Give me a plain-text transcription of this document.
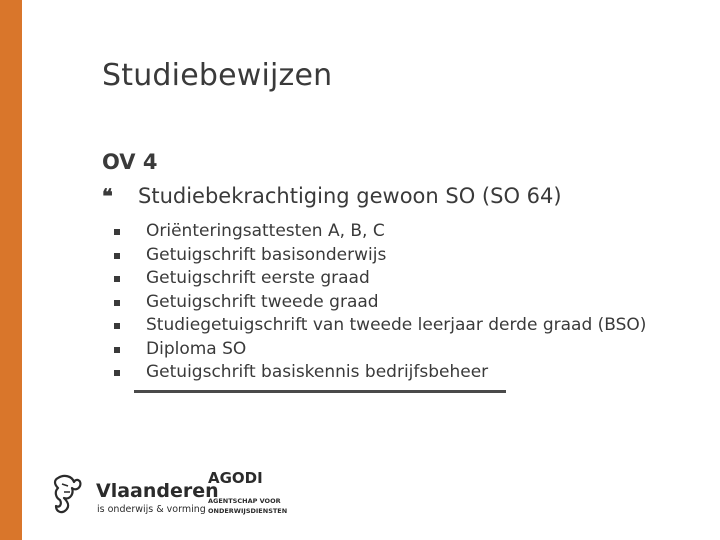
Studiebewijzen
OV 4
❝ Studiebekrachtiging gewoon SO (SO 64)
Oriënteringsattesten A, B, C
Getuigschrift basisonderwijs
Getuigschrift eerste graad
Getuigschrift tweede graad
Studiegetuigschrift van tweede leerjaar derde graad (BSO)
Diploma SO
Getuigschrift basiskennis bedrijfsbeheer
Vlaanderen
is onderwijs & vorming
AGODI
AGENTSCHAP VOOR ONDERWIJSDIENSTEN
